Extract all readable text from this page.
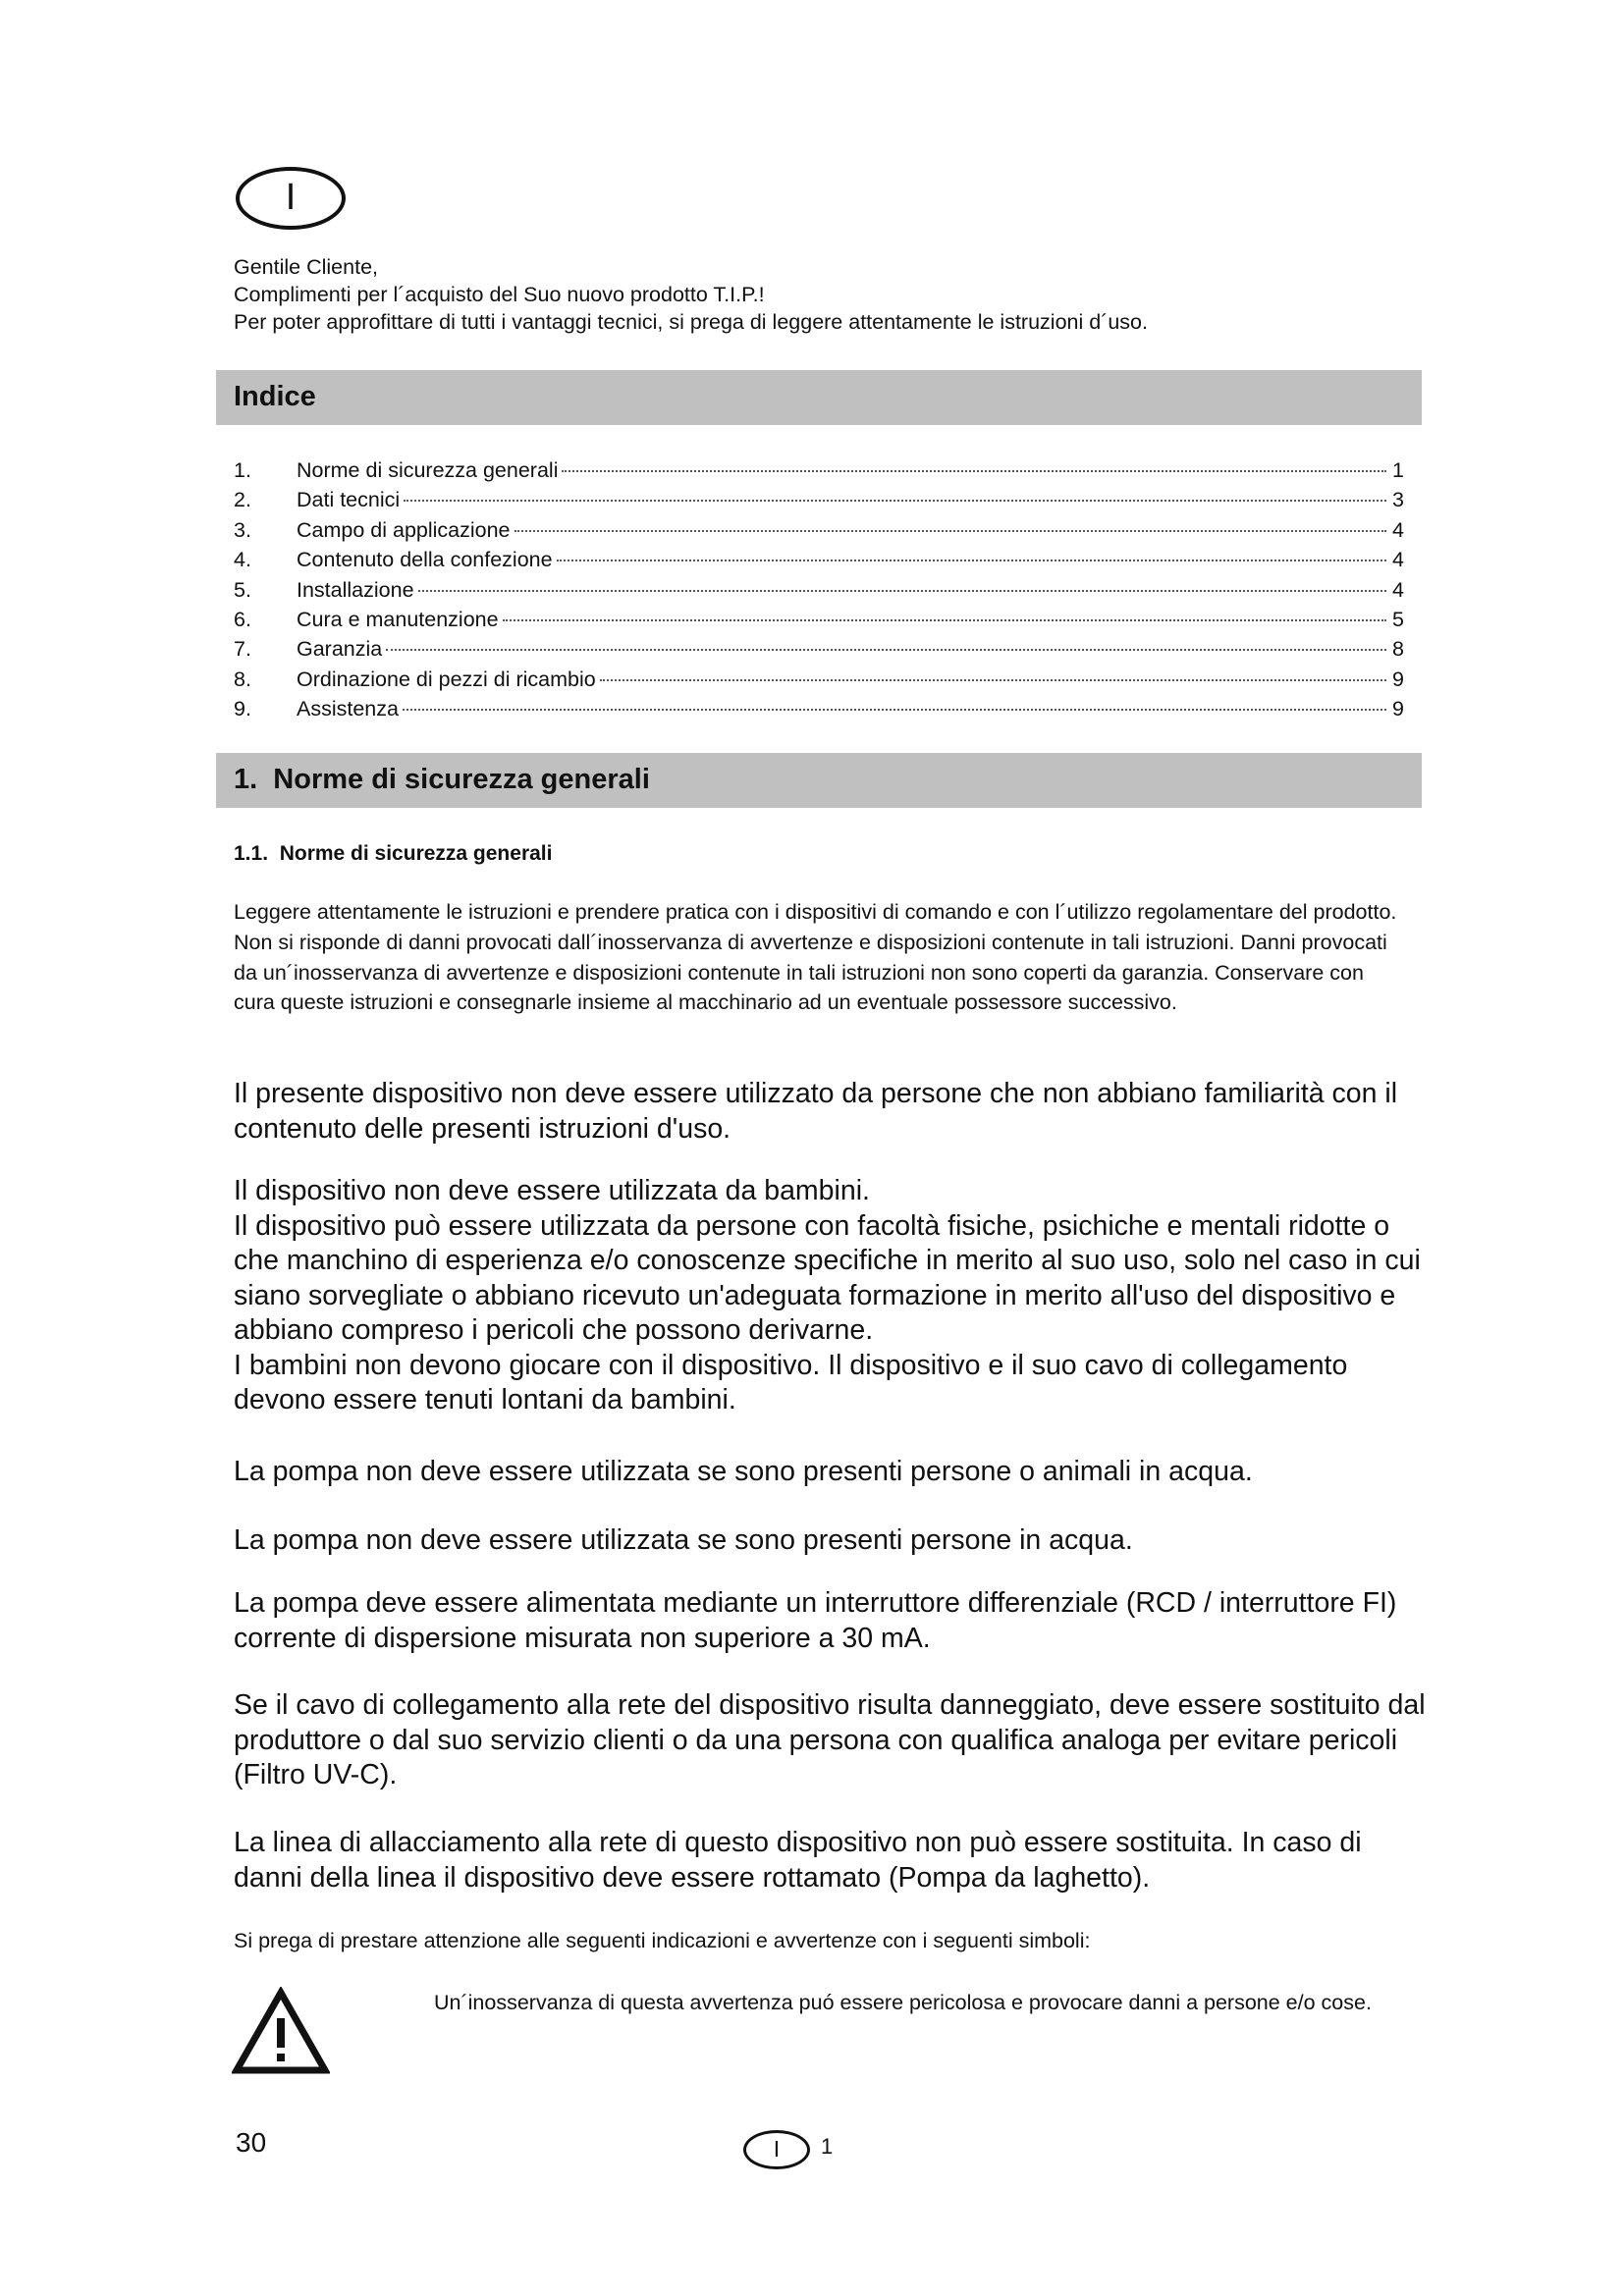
I
Gentile Cliente,
Complimenti per l´acquisto del Suo nuovo prodotto T.I.P.!
Per poter approfittare di tutti i vantaggi tecnici, si prega di leggere attentamente le istruzioni d´uso.
Indice
1.	Norme di sicurezza generali	1
2.	Dati tecnici	3
3.	Campo di applicazione	4
4.	Contenuto della confezione	4
5.	Installazione	4
6.	Cura e manutenzione	5
7.	Garanzia	8
8.	Ordinazione di pezzi di ricambio	9
9.	Assistenza	9
1.  Norme di sicurezza generali
1.1.  Norme di sicurezza generali
Leggere attentamente le istruzioni e prendere pratica con i dispositivi di comando e con l´utilizzo regolamentare del prodotto. Non si risponde di danni provocati dall´inosservanza di avvertenze e disposizioni contenute in tali istruzioni. Danni provocati da un´inosservanza di avvertenze e disposizioni contenute in tali istruzioni non sono coperti da garanzia. Conservare con cura queste istruzioni e consegnarle insieme al macchinario ad un eventuale possessore successivo.
Il presente dispositivo non deve essere utilizzato da persone che non abbiano familiarità con il contenuto delle presenti istruzioni d'uso.
Il dispositivo non deve essere utilizzata da bambini.
Il dispositivo può essere utilizzata da persone con facoltà fisiche, psichiche e mentali ridotte o che manchino di esperienza e/o conoscenze specifiche in merito al suo uso, solo nel caso in cui siano sorvegliate o abbiano ricevuto un'adeguata formazione in merito all'uso del dispositivo e abbiano compreso i pericoli che possono derivarne.
I bambini non devono giocare con il dispositivo. Il dispositivo e il suo cavo di collegamento devono essere tenuti lontani da bambini.
La pompa non deve essere utilizzata se sono presenti persone o animali in acqua.
La pompa non deve essere utilizzata se sono presenti persone in acqua.
La pompa deve essere alimentata mediante un interruttore differenziale (RCD / interruttore FI) corrente di dispersione misurata non superiore a 30 mA.
Se il cavo di collegamento alla rete del dispositivo risulta danneggiato, deve essere sostituito dal produttore o dal suo servizio clienti o da una persona con qualifica analoga per evitare pericoli (Filtro UV-C).
La linea di allacciamento alla rete di questo dispositivo non può essere sostituita. In caso di danni della linea il dispositivo deve essere rottamato (Pompa da laghetto).
Si prega di prestare attenzione alle seguenti indicazioni e avvertenze con i seguenti simboli:
Un´inosservanza di questa avvertenza puó essere pericolosa e provocare danni a persone e/o cose.
30	I	1
